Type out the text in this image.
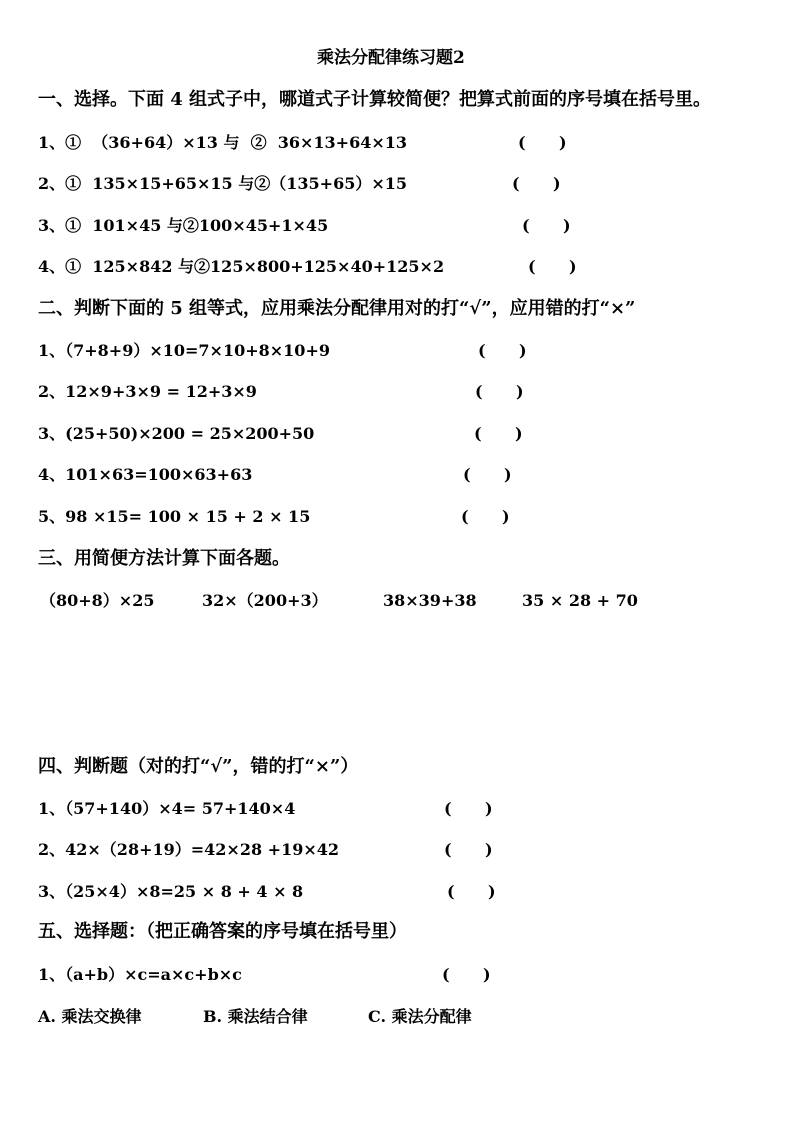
乘法分配律练习题2
一、选择。下面 4 组式子中，哪道式子计算较简便？把算式前面的序号填在括号里。
1、①  （36+64）×13 与  ②  36×13+64×13	(      )
2、①  135×15+65×15 与②（135+65）×15	(      )
3、①  101×45 与②100×45+1×45	(      )
4、①  125×842 与②125×800+125×40+125×2	(      )
二、判断下面的 5 组等式，应用乘法分配律用对的打“√”，应用错的打“×”
1、（7+8+9）×10=7×10+8×10+9	(      )
2、12×9+3×9 = 12+3×9	(      )
3、(25+50)×200 = 25×200+50	(      )
4、101×63=100×63+63	(      )
5、98 ×15= 100 × 15 + 2 × 15	(      )
三、用简便方法计算下面各题。
（80+8）×25	32×（200+3）	38×39+38	35 × 28 + 70
四、判断题（对的打“√”，错的打“×”）
1、（57+140）×4= 57+140×4	(      )
2、42×（28+19）=42×28 +19×42	(      )
3、（25×4）×8=25 × 8 + 4 × 8	(      )
五、选择题：（把正确答案的序号填在括号里）
1、（a+b）×c=a×c+b×c	(      )
A. 乘法交换律	B. 乘法结合律	C. 乘法分配律
